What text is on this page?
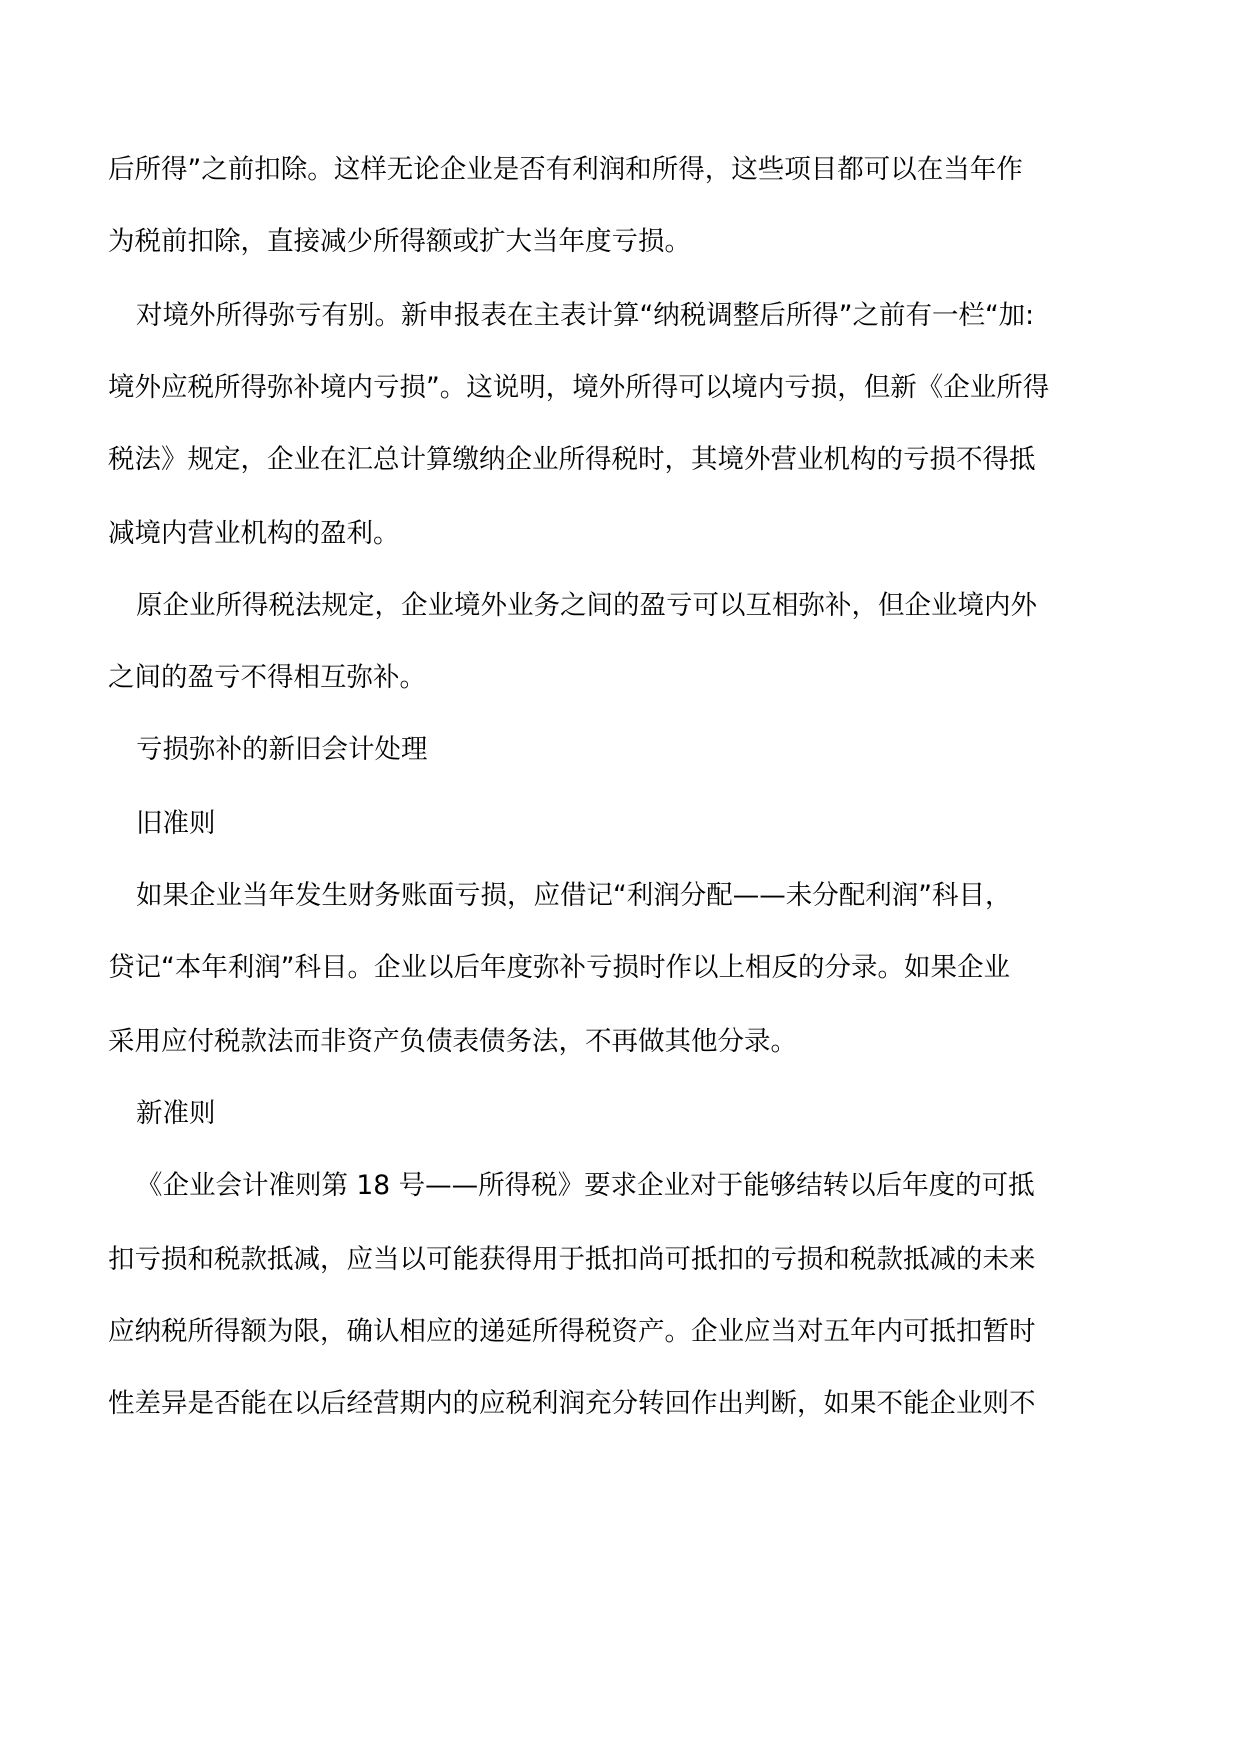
后所得”之前扣除。这样无论企业是否有利润和所得，这些项目都可以在当年作
为税前扣除，直接减少所得额或扩大当年度亏损。
对境外所得弥亏有别。新申报表在主表计算“纳税调整后所得”之前有一栏“加:
境外应税所得弥补境内亏损”。这说明，境外所得可以境内亏损，但新《企业所得
税法》规定，企业在汇总计算缴纳企业所得税时，其境外营业机构的亏损不得抵
减境内营业机构的盈利。
原企业所得税法规定，企业境外业务之间的盈亏可以互相弥补，但企业境内外
之间的盈亏不得相互弥补。
亏损弥补的新旧会计处理
旧准则
如果企业当年发生财务账面亏损，应借记“利润分配——未分配利润”科目，
贷记“本年利润”科目。企业以后年度弥补亏损时作以上相反的分录。如果企业
采用应付税款法而非资产负债表债务法，不再做其他分录。
新准则
《企业会计准则第 18 号——所得税》要求企业对于能够结转以后年度的可抵
扣亏损和税款抵减，应当以可能获得用于抵扣尚可抵扣的亏损和税款抵减的未来
应纳税所得额为限，确认相应的递延所得税资产。企业应当对五年内可抵扣暂时
性差异是否能在以后经营期内的应税利润充分转回作出判断，如果不能企业则不
